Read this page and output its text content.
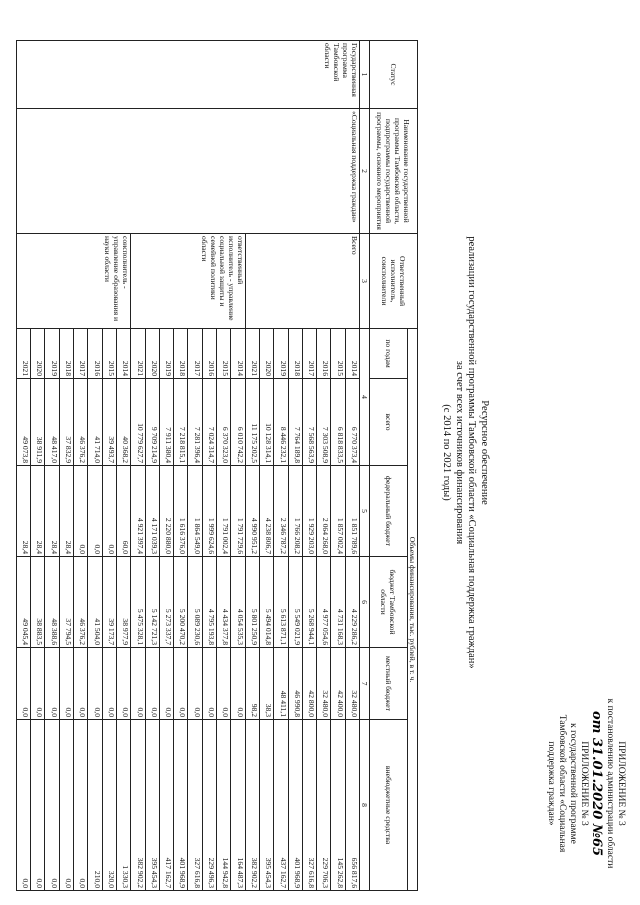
ПРИЛОЖЕНИЕ № 3
к постановлению администрации области
от 31.01.2020 №65
ПРИЛОЖЕНИЕ № 3
к государственной программе
Тамбовской области «Социальная
поддержка граждан»
Ресурсное обеспечение
реализации государственной программы Тамбовской области «Социальная поддержка граждан»
за счет всех источников финансирования
(с 2014 по 2021 годы)
Статус	Наименование государственной программы Тамбовской области, подпрограммы государственной программы, основного мероприятия	Ответственный исполнитель, соисполнители	Объемы финансирования, тыс. рублей, в т. ч.					
			по годам	всего	федеральный бюджет	бюджет Тамбовской области	местный бюджет	внебюджетные средства
1	2	3	4		5	6	7	8
Государственная программа Тамбовской области	«Социальная поддержка граждан»	Всего	2014	6 770 373,4	1 851 789,6	4 229 286,2	32 480,0	656 817,6
			2015	6 818 833,5	1 857 002,4	4 731 168,3	42 400,0	145 262,8
			2016	7 303 508,9	2 064 268,0	4 977 054,6	32 480,0	229 706,3
			2017	7 568 563,9	1 929 203,0	5 268 944,1	42 800,0	327 616,8
			2018	7 764 189,8	1 766 208,2	5 549 021,9	46 990,8	401 968,9
			2019	8 446 232,1	2 346 787,2	5 613 871,1	48 411,1	437 162,7
			2020	10 128 314,1	4 238 806,7	5 494 014,8	38,3	395 454,3
			2021	11 175 202,5	4 990 951,2	5 801 250,9	98,2	382 902,2
		ответственный исполнитель - управление социальной защиты и семейной политики области	2014	6 010 742,2	1 791 729,6	4 054 535,3	0,0	164 487,3
			2015	6 370 323,0	1 791 002,4	4 434 377,8	0,0	144 942,8
			2016	7 024 314,7	1 999 624,6	4 795 193,8	0,0	229 496,3
			2017	7 281 396,4	1 864 549,0	5 089 230,6	0,0	327 616,8
			2018	7 218 815,1	1 616 376,0	5 200 470,2	0,0	401 968,9
			2019	7 911 380,4	2 220 880,0	5 273 337,7	0,0	417 162,7
			2020	9 709 214,9	4 171 039,3	5 142 721,3	0,0	395 454,3
			2021	10 779 627,7	4 921 397,4	5 475 328,1	0,0	382 902,2
		соисполнитель - управление образования и науки области	2014	40 368,2	60,0	38 977,9	0,0	1 330,3
			2015	39 493,7	0,0	39 173,7	0,0	320,0
			2016	41 714,0	0,0	41 504,0	0,0	210,0
			2017	46 376,2	0,0	46 376,2	0,0	0,0
			2018	37 832,9	28,4	37 794,5	0,0	0,0
			2019	48 417,0	28,4	48 388,6	0,0	0,0
			2020	38 911,9	28,4	38 883,5	0,0	0,0
			2021	49 073,8	28,4	49 045,4	0,0	0,0
